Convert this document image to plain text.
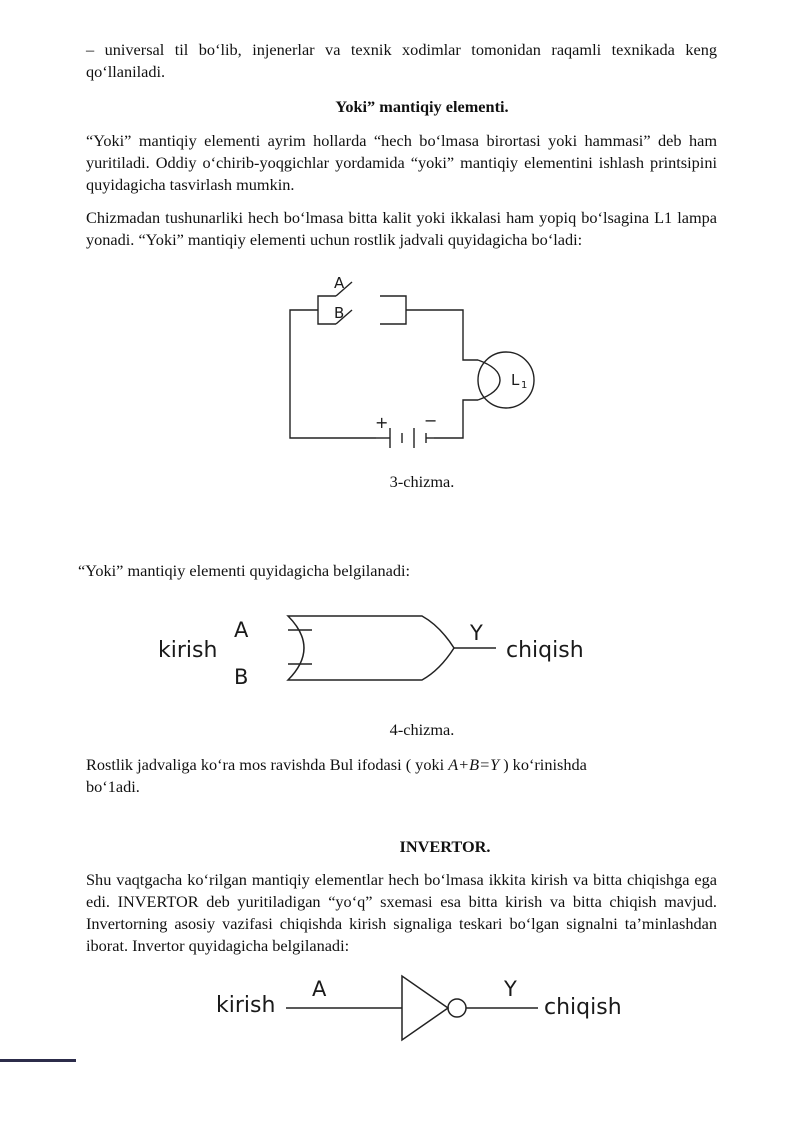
– universal til bo‘lib, injenerlar va texnik xodimlar tomonidan raqamli texnikada keng qo‘llaniladi.

Yoki” mantiqiy elementi.

“Yoki” mantiqiy elementi ayrim hollarda “hech bo‘lmasa birortasi yoki hammasi” deb ham yuritiladi. Oddiy o‘chirib-yoqgichlar yordamida “yoki” mantiqiy elementini ishlash printsipini quyidagicha tasvirlash mumkin.

Chizmadan tushunarliki hech bo‘lmasa bitta kalit yoki ikkalasi ham yopiq bo‘lsagina L1 lampa yonadi. “Yoki” mantiqiy elementi uchun rostlik jadvali quyidagicha bo‘ladi:

A
B
L 1
+ −

3-chizma.

“Yoki” mantiqiy elementi quyidagicha belgilanadi:

kirish
A
B
Y
chiqish

4-chizma.

Rostlik jadvaliga ko‘ra mos ravishda Bul ifodasi ( yoki A+B=Y ) ko‘rinishda
bo‘1adi.

INVERTOR.

Shu vaqtgacha ko‘rilgan mantiqiy elementlar hech bo‘lmasa ikkita kirish va bitta chiqishga ega edi. INVERTOR deb yuritiladigan “yo‘q” sxemasi esa bitta kirish va bitta chiqish mavjud. Invertorning asosiy vazifasi chiqishda kirish signaliga teskari bo‘lgan signalni ta’minlashdan iborat. Invertor quyidagicha belgilanadi:

kirish
A	Y
chiqish
